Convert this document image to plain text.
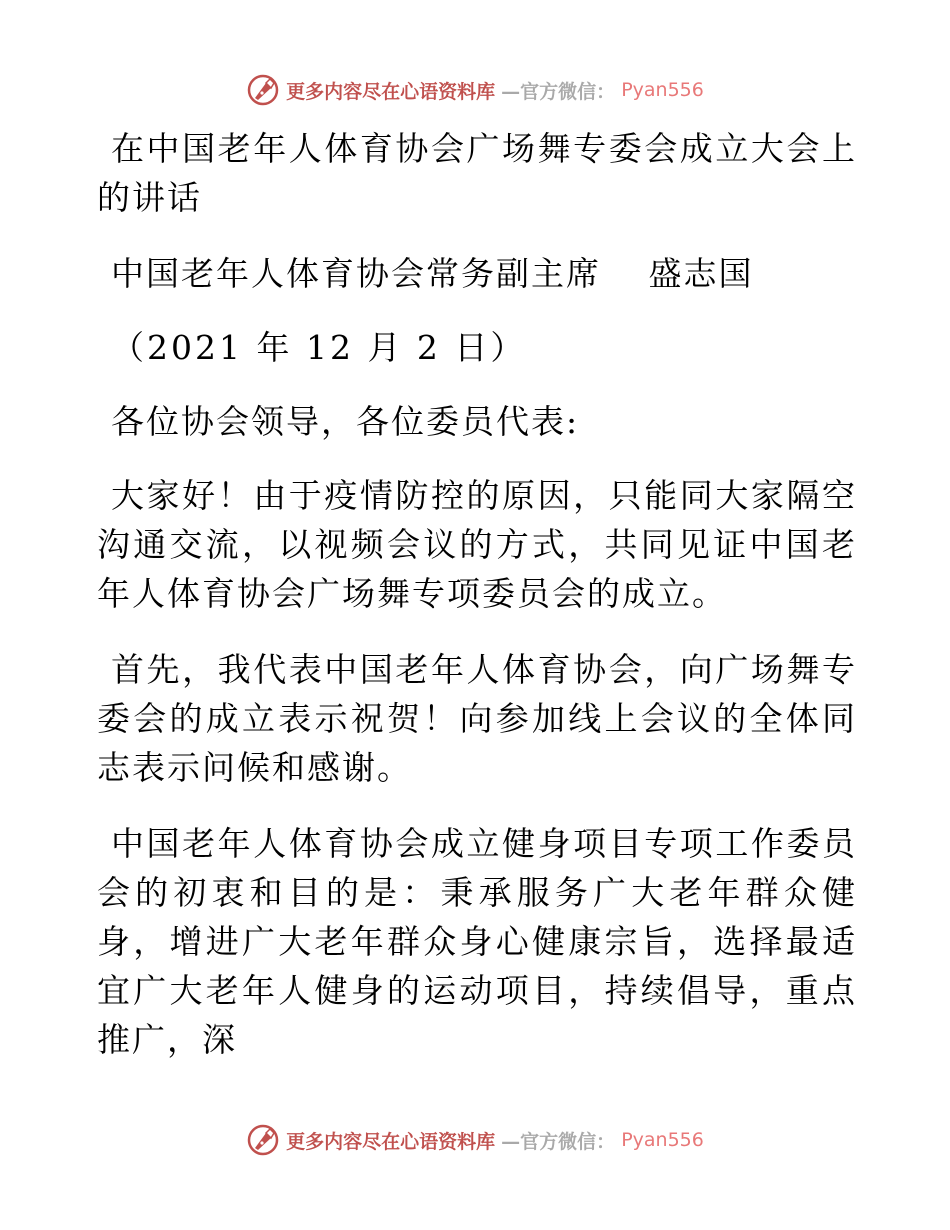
更多内容尽在心语资料库 —官方微信： Pyan556

在中国老年人体育协会广场舞专委会成立大会上的讲话

中国老年人体育协会常务副主席　 盛志国

（2021 年 12 月 2 日）

各位协会领导，各位委员代表:

大家好！由于疫情防控的原因，只能同大家隔空沟通交流，以视频会议的方式，共同见证中国老年人体育协会广场舞专项委员会的成立。

首先，我代表中国老年人体育协会，向广场舞专委会的成立表示祝贺！向参加线上会议的全体同志表示问候和感谢。

中国老年人体育协会成立健身项目专项工作委员会的初衷和目的是：秉承服务广大老年群众健身，增进广大老年群众身心健康宗旨，选择最适宜广大老年人健身的运动项目，持续倡导，重点推广，深

更多内容尽在心语资料库 —官方微信： Pyan556
